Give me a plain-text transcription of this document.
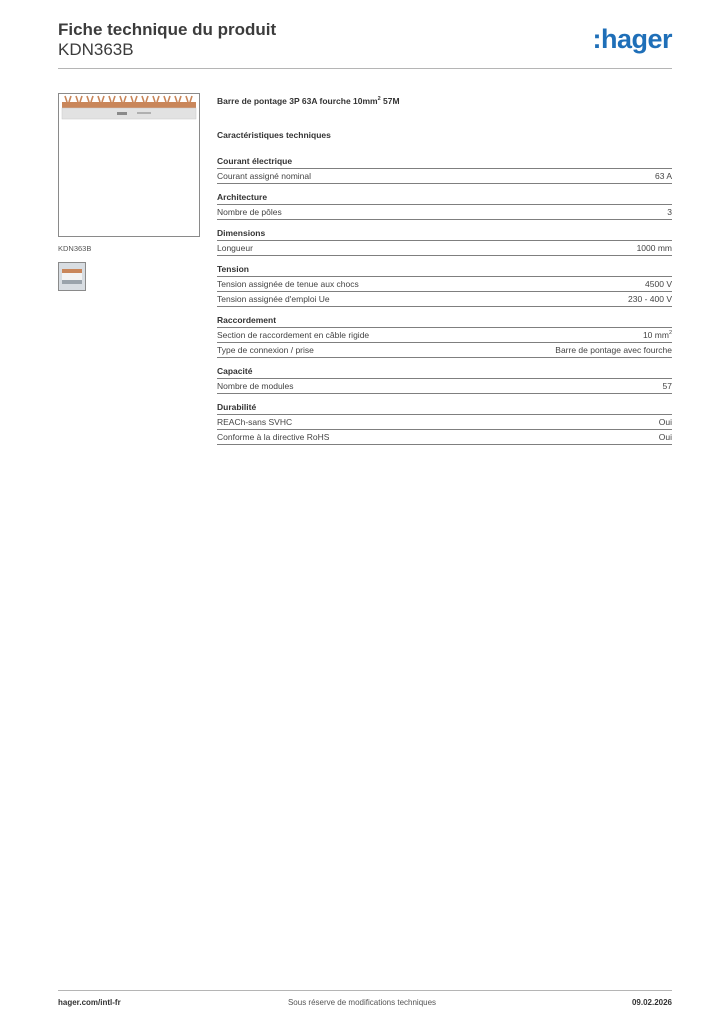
Fiche technique du produit
KDN363B	:hager
KDN363B
Barre de pontage 3P 63A fourche $10mm^2$ 57M
Caractéristiques techniques
Courant électrique
Courant assigné nominal	63 A
Architecture
Nombre de pôles	3
Dimensions
Longueur	1000 mm
Tension
Tension assignée de tenue aux chocs	4500 V
Tension assignée d'emploi Ue	230 - 400 V
Raccordement
Section de raccordement en câble rigide	10 $mm^2$
Type de connexion / prise	Barre de pontage avec fourche
Capacité
Nombre de modules	57
Durabilité
REACh-sans SVHC	Oui
Conforme à la directive RoHS	Oui
Sous réserve de modifications techniques
hager.com/intl-fr	09.02.2026
